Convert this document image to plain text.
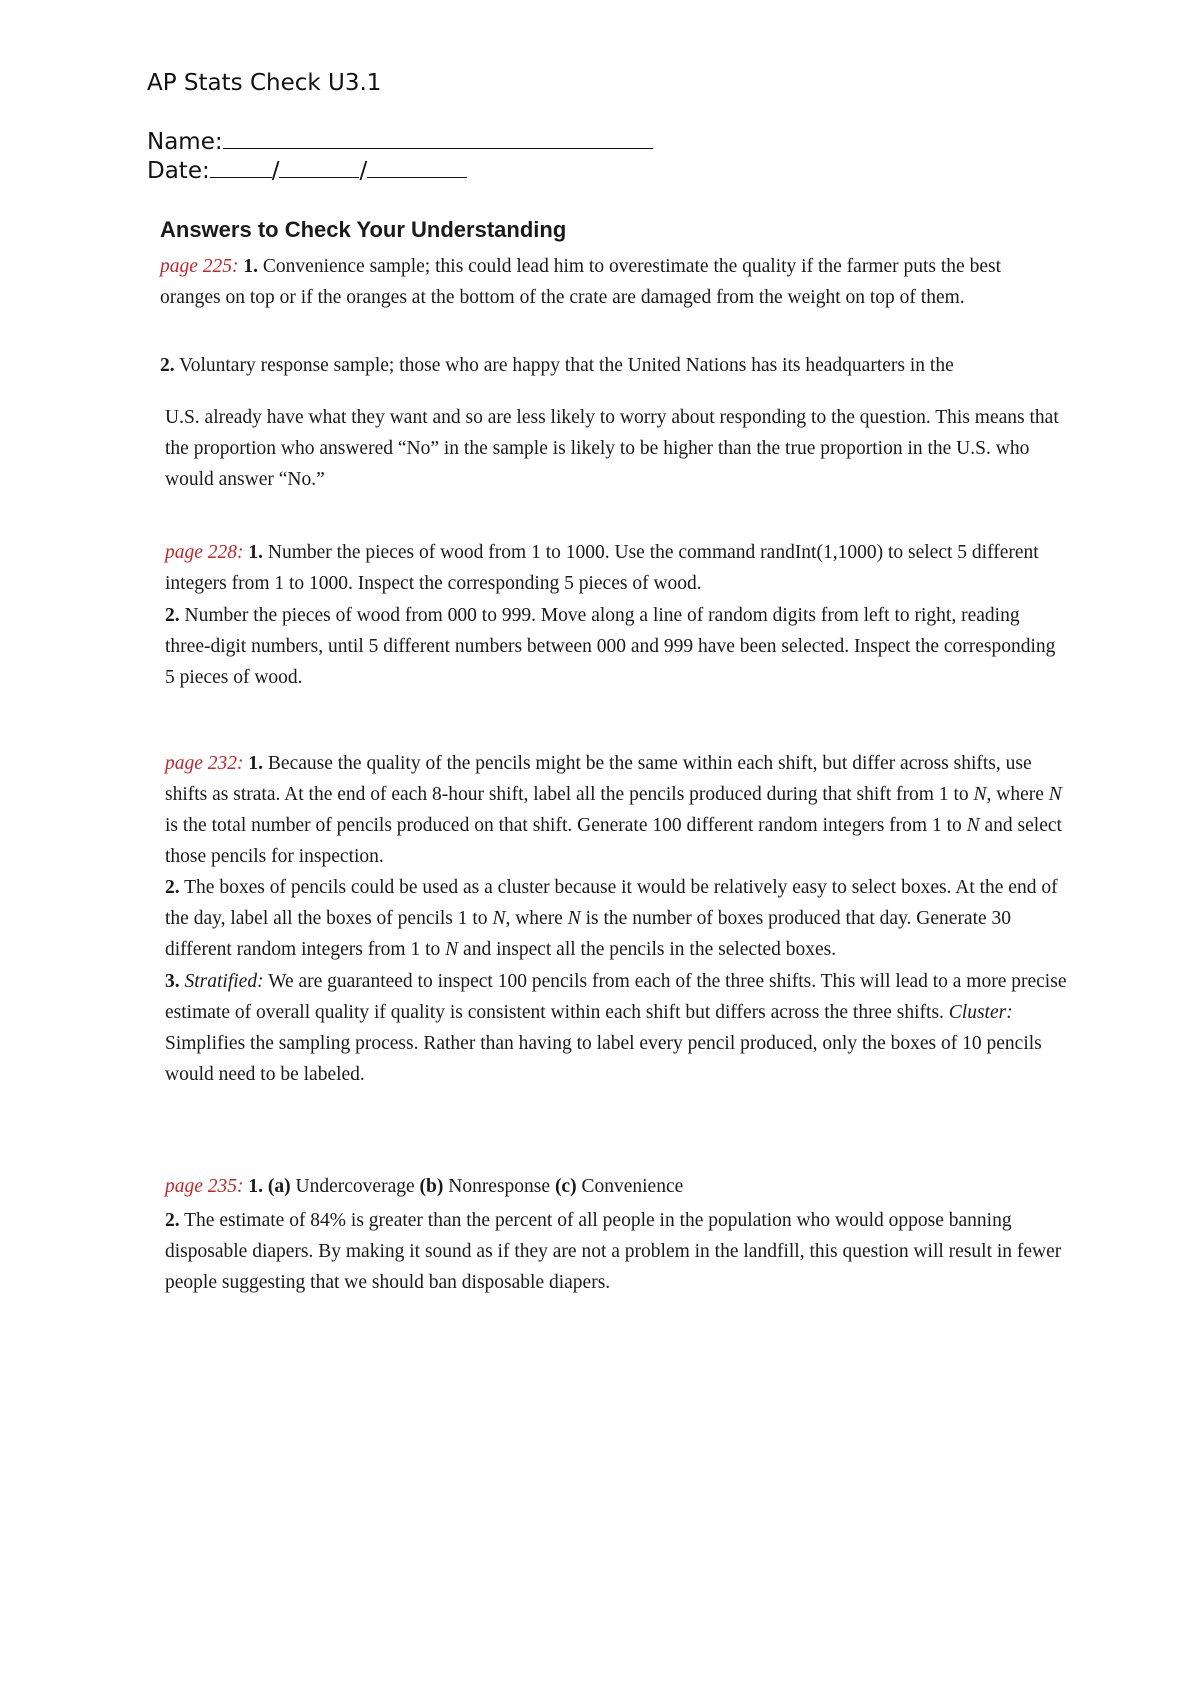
AP Stats Check U3.1
Name:
Date:	/	/
Answers to Check Your Understanding

page 225: 1. Convenience sample; this could lead him to overestimate the quality if the farmer puts the best oranges on top or if the oranges at the bottom of the crate are damaged from the weight on top of them.

2. Voluntary response sample; those who are happy that the United Nations has its headquarters in the

U.S. already have what they want and so are less likely to worry about responding to the question. This means that the proportion who answered “No” in the sample is likely to be higher than the true proportion in the U.S. who would answer “No.”

page 228: 1. Number the pieces of wood from 1 to 1000. Use the command randInt(1,1000) to select 5 different integers from 1 to 1000. Inspect the corresponding 5 pieces of wood.

2. Number the pieces of wood from 000 to 999. Move along a line of random digits from left to right, reading three-digit numbers, until 5 different numbers between 000 and 999 have been selected. Inspect the corresponding 5 pieces of wood.

page 232: 1. Because the quality of the pencils might be the same within each shift, but differ across shifts, use shifts as strata. At the end of each 8-hour shift, label all the pencils produced during that shift from 1 to N, where N is the total number of pencils produced on that shift. Generate 100 different random integers from 1 to N and select those pencils for inspection.

2. The boxes of pencils could be used as a cluster because it would be relatively easy to select boxes. At the end of the day, label all the boxes of pencils 1 to N, where N is the number of boxes produced that day. Generate 30 different random integers from 1 to N and inspect all the pencils in the selected boxes.

3. Stratified: We are guaranteed to inspect 100 pencils from each of the three shifts. This will lead to a more precise estimate of overall quality if quality is consistent within each shift but differs across the three shifts. Cluster: Simplifies the sampling process. Rather than having to label every pencil produced, only the boxes of 10 pencils would need to be labeled.

page 235: 1. (a) Undercoverage (b) Nonresponse (c) Convenience

2. The estimate of 84% is greater than the percent of all people in the population who would oppose banning disposable diapers. By making it sound as if they are not a problem in the landfill, this question will result in fewer people suggesting that we should ban disposable diapers.
